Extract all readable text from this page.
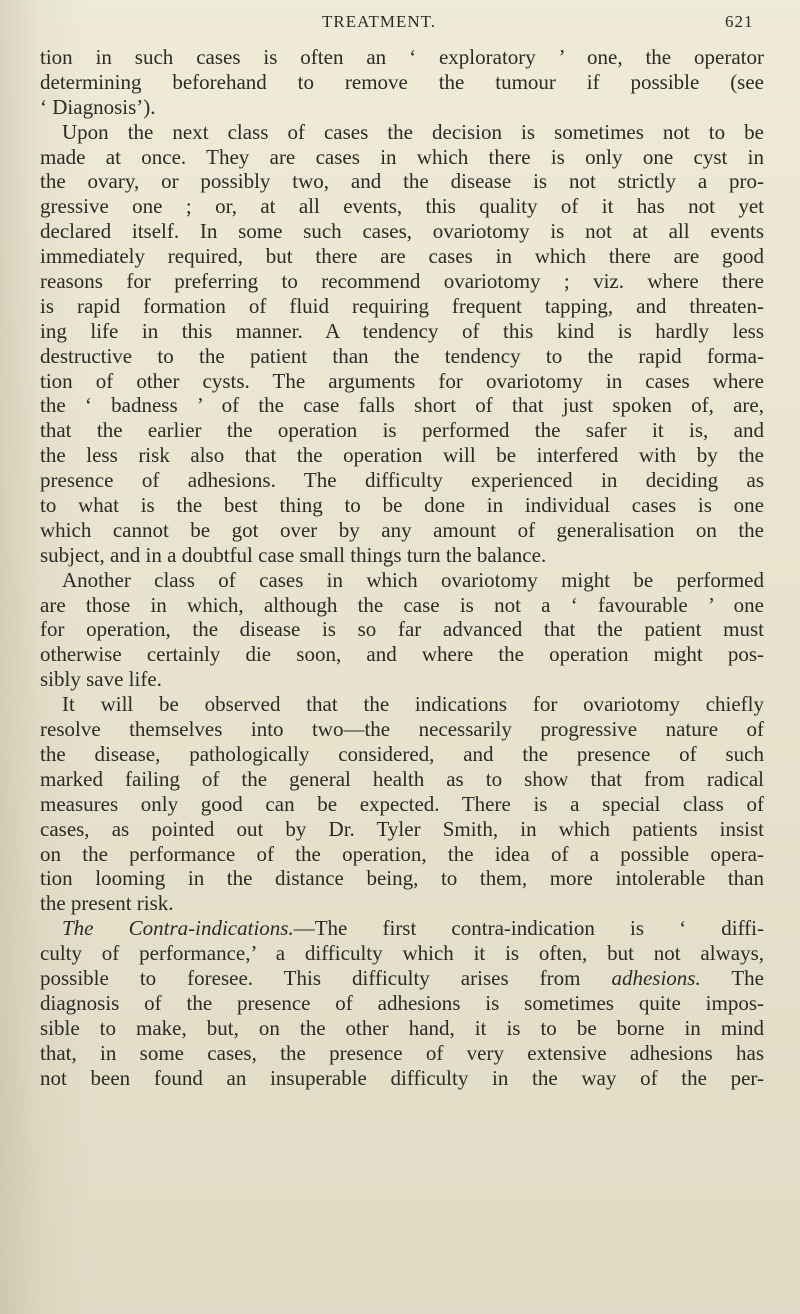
TREATMENT.	621
tion in such cases is often an ‘ exploratory ’ one, the operator
determining beforehand to remove the tumour if possible (see
‘ Diagnosis’).
Upon the next class of cases the decision is sometimes not to be
made at once. They are cases in which there is only one cyst in
the ovary, or possibly two, and the disease is not strictly a pro-
gressive one ; or, at all events, this quality of it has not yet
declared itself. In some such cases, ovariotomy is not at all events
immediately required, but there are cases in which there are good
reasons for preferring to recommend ovariotomy ; viz. where there
is rapid formation of fluid requiring frequent tapping, and threaten-
ing life in this manner. A tendency of this kind is hardly less
destructive to the patient than the tendency to the rapid forma-
tion of other cysts. The arguments for ovariotomy in cases where
the ‘ badness ’ of the case falls short of that just spoken of, are,
that the earlier the operation is performed the safer it is, and
the less risk also that the operation will be interfered with by the
presence of adhesions. The difficulty experienced in deciding as
to what is the best thing to be done in individual cases is one
which cannot be got over by any amount of generalisation on the
subject, and in a doubtful case small things turn the balance.
Another class of cases in which ovariotomy might be performed
are those in which, although the case is not a ‘ favourable ’ one
for operation, the disease is so far advanced that the patient must
otherwise certainly die soon, and where the operation might pos-
sibly save life.
It will be observed that the indications for ovariotomy chiefly
resolve themselves into two—the necessarily progressive nature of
the disease, pathologically considered, and the presence of such
marked failing of the general health as to show that from radical
measures only good can be expected. There is a special class of
cases, as pointed out by Dr. Tyler Smith, in which patients insist
on the performance of the operation, the idea of a possible opera-
tion looming in the distance being, to them, more intolerable than
the present risk.
The Contra-indications.—The first contra-indication is ‘ diffi-
culty of performance,’ a difficulty which it is often, but not always,
possible to foresee. This difficulty arises from adhesions. The
diagnosis of the presence of adhesions is sometimes quite impos-
sible to make, but, on the other hand, it is to be borne in mind
that, in some cases, the presence of very extensive adhesions has
not been found an insuperable difficulty in the way of the per-
